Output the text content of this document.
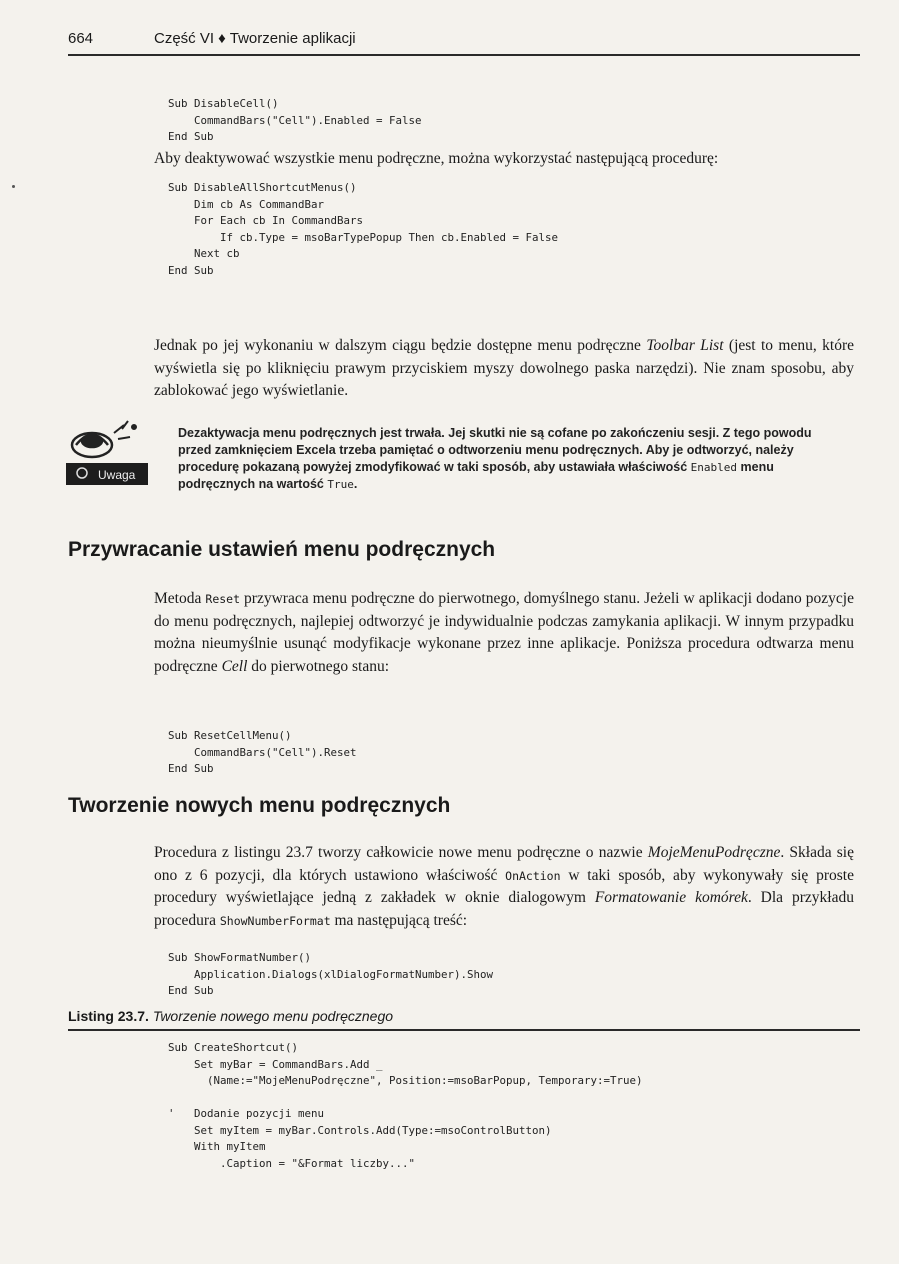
664	Część VI ♦ Tworzenie aplikacji
Sub DisableCell()
CommandBars("Cell").Enabled = False
End Sub

Aby deaktywować wszystkie menu podręczne, można wykorzystać następującą procedurę:

Sub DisableAllShortcutMenus()
Dim cb As CommandBar
For Each cb In CommandBars
If cb.Type = msoBarTypePopup Then cb.Enabled = False
Next cb
End Sub

Jednak po jej wykonaniu w dalszym ciągu będzie dostępne menu podręczne Toolbar List (jest to menu, które wyświetla się po kliknięciu prawym przyciskiem myszy dowolnego paska narzędzi). Nie znam sposobu, aby zablokować jego wyświetlanie.

Uwaga

Dezaktywacja menu podręcznych jest trwała. Jej skutki nie są cofane po zakończeniu sesji. Z tego powodu przed zamknięciem Excela trzeba pamiętać o odtworzeniu menu podręcznych. Aby je odtworzyć, należy procedurę pokazaną powyżej zmodyfikować w taki sposób, aby ustawiała właściwość Enabled menu podręcznych na wartość True.

Przywracanie ustawień menu podręcznych

Metoda Reset przywraca menu podręczne do pierwotnego, domyślnego stanu. Jeżeli w aplikacji dodano pozycje do menu podręcznych, najlepiej odtworzyć je indywidualnie podczas zamykania aplikacji. W innym przypadku można nieumyślnie usunąć modyfikacje wykonane przez inne aplikacje. Poniższa procedura odtwarza menu podręczne Cell do pierwotnego stanu:

Sub ResetCellMenu()
CommandBars("Cell").Reset
End Sub
Tworzenie nowych menu podręcznych

Procedura z listingu 23.7 tworzy całkowicie nowe menu podręczne o nazwie MojeMenuPodręczne. Składa się ono z 6 pozycji, dla których ustawiono właściwość OnAction w taki sposób, aby wykonywały się proste procedury wyświetlające jedną z zakładek w oknie dialogowym Formatowanie komórek. Dla przykładu procedura ShowNumberFormat ma następującą treść:

Sub ShowFormatNumber()
Application.Dialogs(xlDialogFormatNumber).Show
End Sub

Listing 23.7. Tworzenie nowego menu podręcznego

Sub CreateShortcut()
Set myBar = CommandBars.Add _
(Name:="MojeMenuPodręczne", Position:=msoBarPopup, Temporary:=True)

'   Dodanie pozycji menu
Set myItem = myBar.Controls.Add(Type:=msoControlButton)
With myItem
.Caption = "&Format liczby..."
